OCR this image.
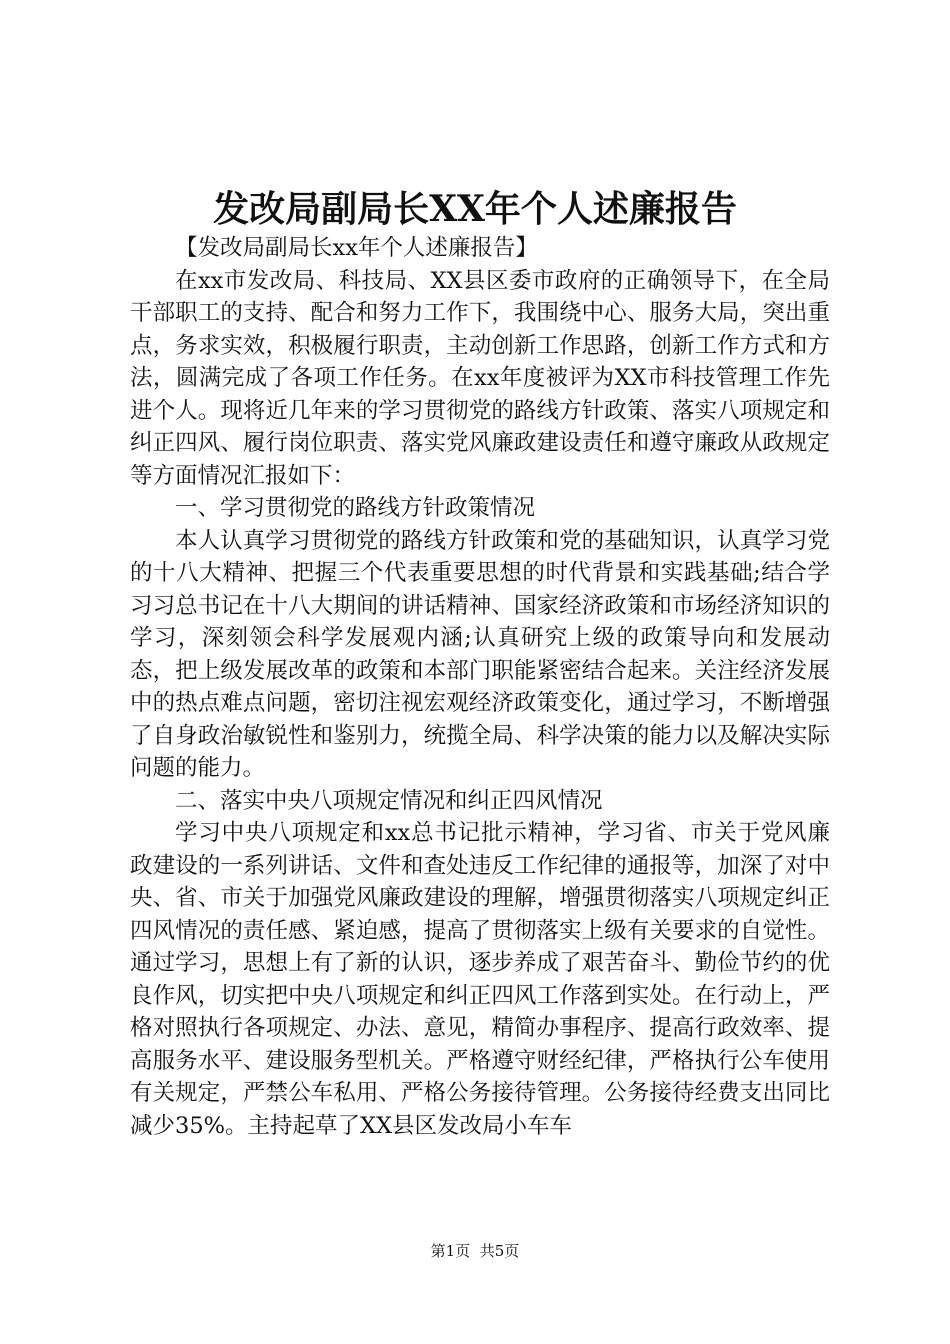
发改局副局长XX年个人述廉报告

【发改局副局长xx年个人述廉报告】

在xx市发改局、科技局、XX县区委市政府的正确领导下，在全局干部职工的支持、配合和努力工作下，我围绕中心、服务大局，突出重点，务求实效，积极履行职责，主动创新工作思路，创新工作方式和方法，圆满完成了各项工作任务。在xx年度被评为XX市科技管理工作先进个人。现将近几年来的学习贯彻党的路线方针政策、落实八项规定和纠正四风、履行岗位职责、落实党风廉政建设责任和遵守廉政从政规定等方面情况汇报如下：

一、学习贯彻党的路线方针政策情况

本人认真学习贯彻党的路线方针政策和党的基础知识，认真学习党的十八大精神、把握三个代表重要思想的时代背景和实践基础;结合学习习总书记在十八大期间的讲话精神、国家经济政策和市场经济知识的学习，深刻领会科学发展观内涵;认真研究上级的政策导向和发展动态，把上级发展改革的政策和本部门职能紧密结合起来。关注经济发展中的热点难点问题，密切注视宏观经济政策变化，通过学习，不断增强了自身政治敏锐性和鉴别力，统揽全局、科学决策的能力以及解决实际问题的能力。

二、落实中央八项规定情况和纠正四风情况

学习中央八项规定和xx总书记批示精神，学习省、市关于党风廉政建设的一系列讲话、文件和查处违反工作纪律的通报等，加深了对中央、省、市关于加强党风廉政建设的理解，增强贯彻落实八项规定纠正四风情况的责任感、紧迫感，提高了贯彻落实上级有关要求的自觉性。通过学习，思想上有了新的认识，逐步养成了艰苦奋斗、勤俭节约的优良作风，切实把中央八项规定和纠正四风工作落到实处。在行动上，严格对照执行各项规定、办法、意见，精简办事程序、提高行政效率、提高服务水平、建设服务型机关。严格遵守财经纪律，严格执行公车使用有关规定，严禁公车私用、严格公务接待管理。公务接待经费支出同比减少35%。主持起草了XX县区发改局小车车

第1页 共5页
